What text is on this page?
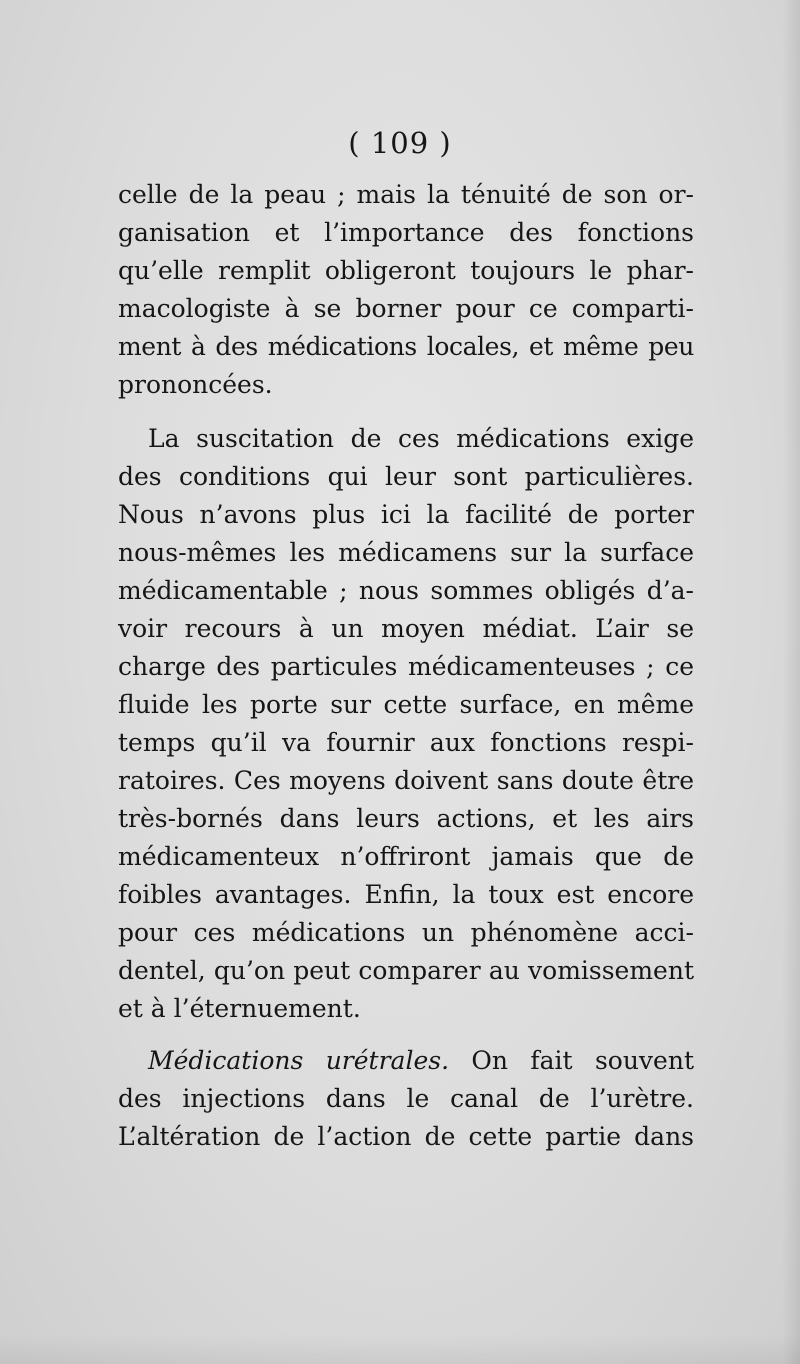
( 109 )
celle de la peau ; mais la ténuité de son or-
ganisation et l’importance des fonctions
qu’elle remplit obligeront toujours le phar-
macologiste à se borner pour ce comparti-
ment à des médications locales, et même peu
prononcées.
La suscitation de ces médications exige
des conditions qui leur sont particulières.
Nous n’avons plus ici la facilité de porter
nous-mêmes les médicamens sur la surface
médicamentable ; nous sommes obligés d’a-
voir recours à un moyen médiat. L’air se
charge des particules médicamenteuses ; ce
fluide les porte sur cette surface, en même
temps qu’il va fournir aux fonctions respi-
ratoires. Ces moyens doivent sans doute être
très-bornés dans leurs actions, et les airs
médicamenteux n’offriront jamais que de
foibles avantages. Enfin, la toux est encore
pour ces médications un phénomène acci-
dentel, qu’on peut comparer au vomissement
et à l’éternuement.
Médications urétrales. On fait souvent
des injections dans le canal de l’urètre.
L’altération de l’action de cette partie dans
